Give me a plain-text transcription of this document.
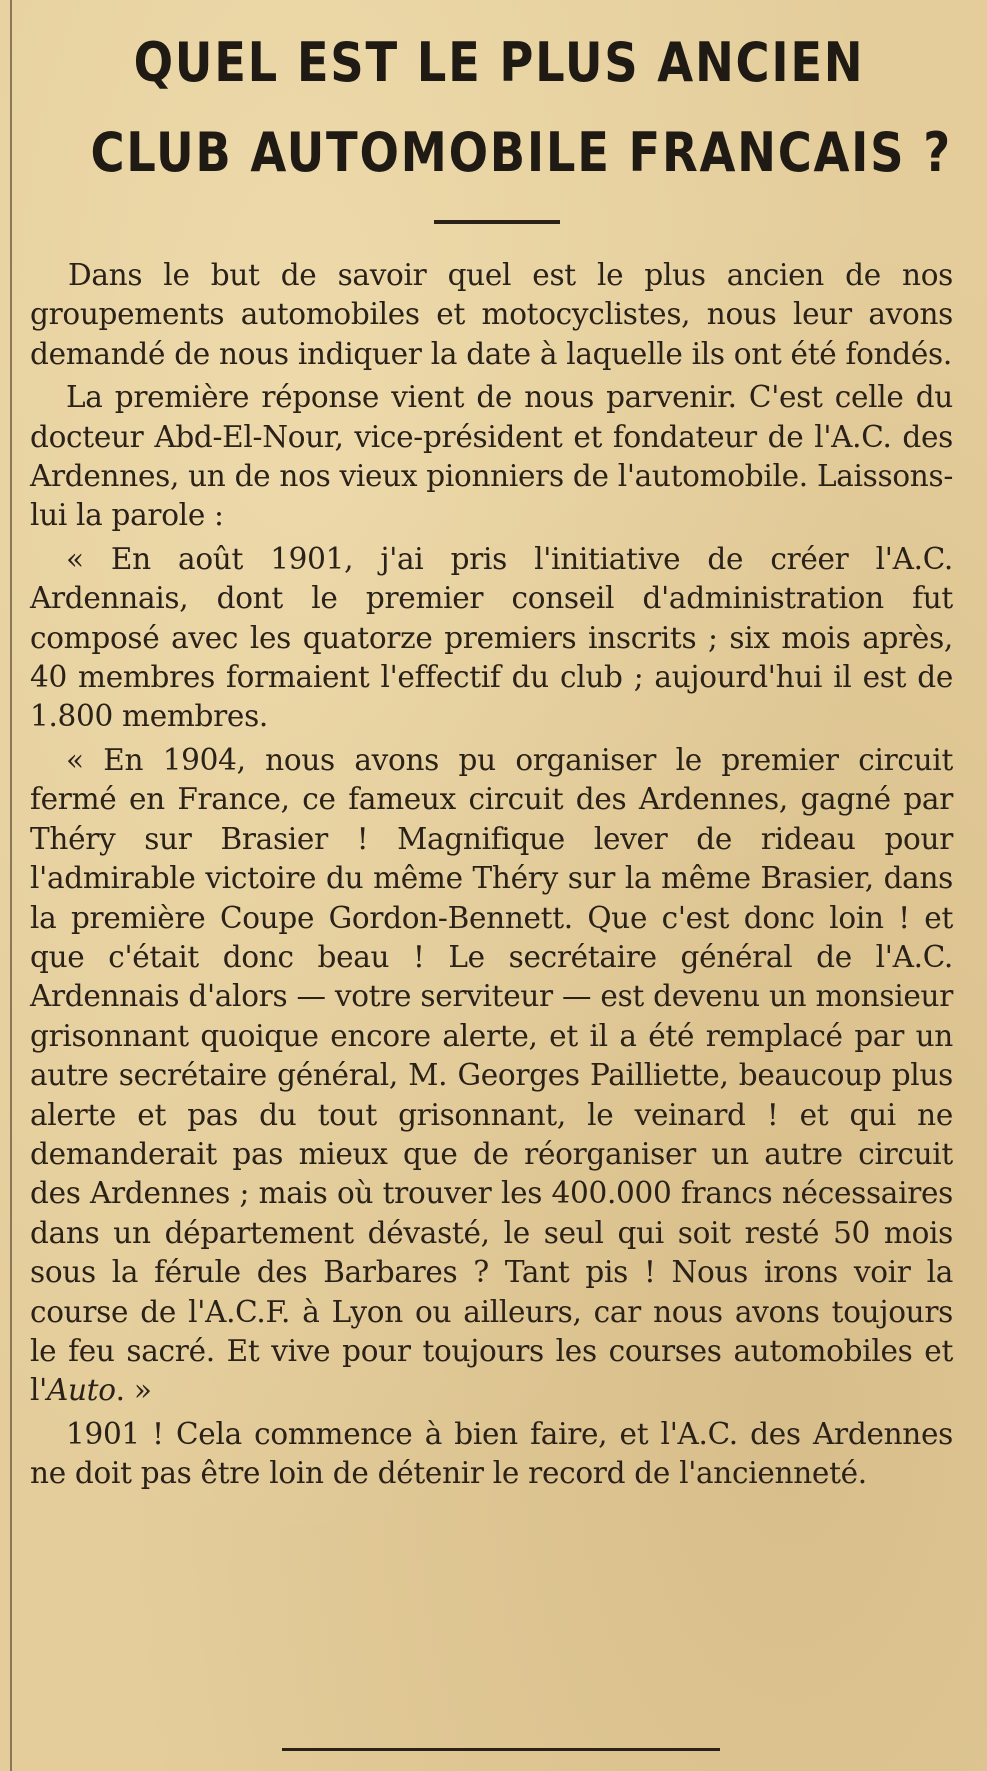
QUEL EST LE PLUS ANCIEN
CLUB AUTOMOBILE FRANCAIS ?

Dans le but de savoir quel est le plus ancien de nos groupements automobiles et motocyclistes, nous leur avons demandé de nous indiquer la date à laquelle ils ont été fondés.

La première réponse vient de nous parvenir. C'est celle du docteur Abd-El-Nour, vice-président et fondateur de l'A.C. des Ardennes, un de nos vieux pionniers de l'automobile. Laissons-lui la parole :

« En août 1901, j'ai pris l'initiative de créer l'A.C. Ardennais, dont le premier conseil d'administration fut composé avec les quatorze premiers inscrits ; six mois après, 40 membres formaient l'effectif du club ; aujourd'hui il est de 1.800 membres.

« En 1904, nous avons pu organiser le premier circuit fermé en France, ce fameux circuit des Ardennes, gagné par Théry sur Brasier ! Magnifique lever de rideau pour l'admirable victoire du même Théry sur la même Brasier, dans la première Coupe Gordon-Bennett. Que c'est donc loin ! et que c'était donc beau ! Le secrétaire général de l'A.C. Ardennais d'alors — votre serviteur — est devenu un monsieur grisonnant quoique encore alerte, et il a été remplacé par un autre secrétaire général, M. Georges Pailliette, beaucoup plus alerte et pas du tout grisonnant, le veinard ! et qui ne demanderait pas mieux que de réorganiser un autre circuit des Ardennes ; mais où trouver les 400.000 francs nécessaires dans un département dévasté, le seul qui soit resté 50 mois sous la férule des Barbares ? Tant pis ! Nous irons voir la course de l'A.C.F. à Lyon ou ailleurs, car nous avons toujours le feu sacré. Et vive pour toujours les courses automobiles et l'Auto. »

1901 ! Cela commence à bien faire, et l'A.C. des Ardennes ne doit pas être loin de détenir le record de l'ancienneté.
